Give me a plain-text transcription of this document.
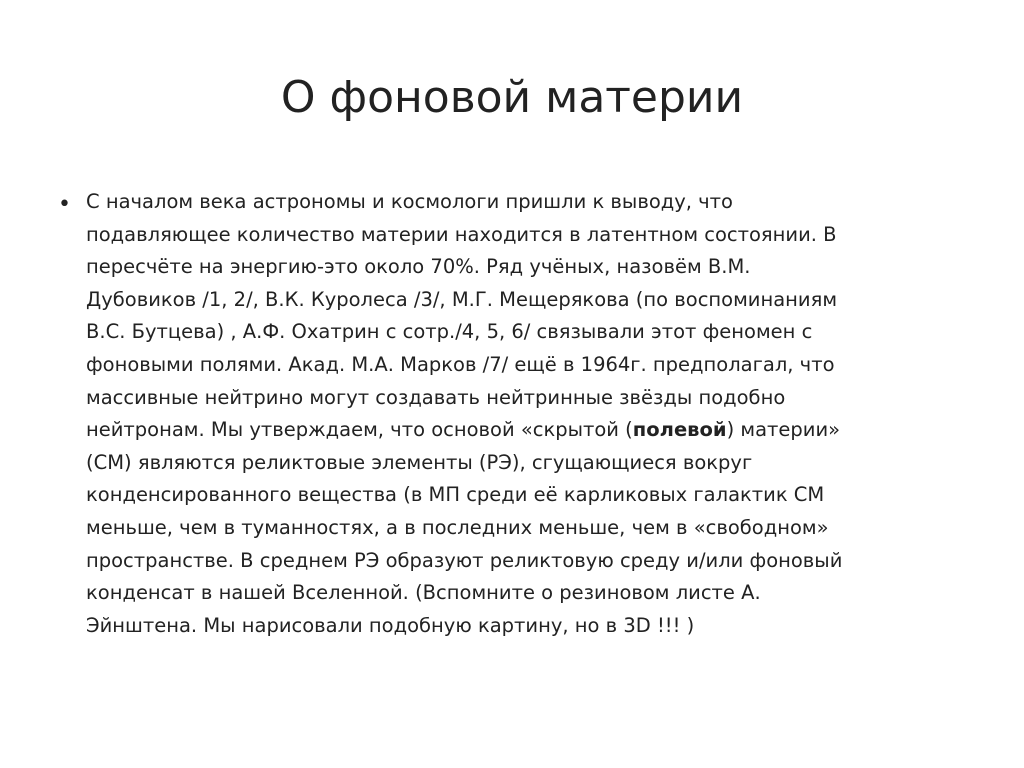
О фоновой материи
• С началом века астрономы и космологи пришли к выводу, что
подавляющее количество материи находится в латентном состоянии. В
пересчёте на энергию-это около 70%. Ряд учёных, назовём В.М.
Дубовиков /1, 2/, В.К. Куролеса /3/, М.Г. Мещерякова (по воспоминаниям
В.С. Бутцева) , А.Ф. Охатрин с сотр./4, 5, 6/ связывали этот феномен с
фоновыми полями. Акад. М.А. Марков /7/ ещё в 1964г. предполагал, что
массивные нейтрино могут создавать нейтринные звёзды подобно
нейтронам. Мы утверждаем, что основой «скрытой (полевой) материи»
(СМ) являются реликтовые элементы (РЭ), сгущающиеся вокруг
конденсированного вещества (в МП среди её карликовых галактик СМ
меньше, чем в туманностях, а в последних меньше, чем в «свободном»
пространстве. В среднем РЭ образуют реликтовую среду и/или фоновый
конденсат в нашей Вселенной. (Вспомните о резиновом листе А.
Эйнштена. Мы нарисовали подобную картину, но в 3D !!! )
